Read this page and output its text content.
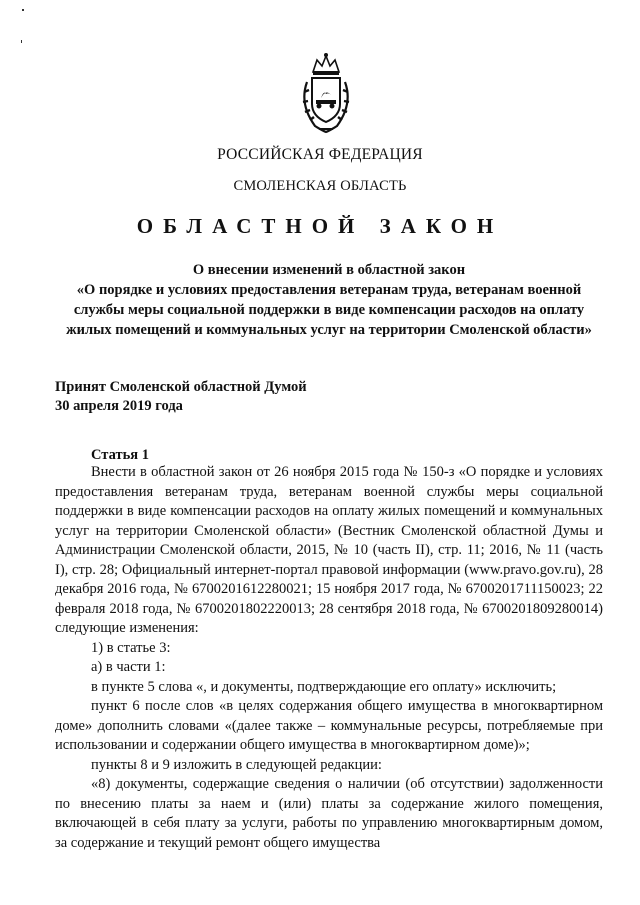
РОССИЙСКАЯ ФЕДЕРАЦИЯ
СМОЛЕНСКАЯ ОБЛАСТЬ
ОБЛАСТНОЙ ЗАКОН
О внесении изменений в областной закон
«О порядке и условиях предоставления ветеранам труда, ветеранам военной службы меры социальной поддержки в виде компенсации расходов на оплату жилых помещений и коммунальных услуг на территории Смоленской области»
Принят Смоленской областной Думой
30 апреля 2019 года
Статья 1

Внести в областной закон от 26 ноября 2015 года № 150-з «О порядке и условиях предоставления ветеранам труда, ветеранам военной службы меры социальной поддержки в виде компенсации расходов на оплату жилых помещений и коммунальных услуг на территории Смоленской области» (Вестник Смоленской областной Думы и Администрации Смоленской области, 2015, № 10 (часть II), стр. 11; 2016, № 11 (часть I), стр. 28; Официальный интернет-портал правовой информации (www.pravo.gov.ru), 28 декабря 2016 года, № 6700201612280021; 15 ноября 2017 года, № 6700201711150023; 22 февраля 2018 года, № 6700201802220013; 28 сентября 2018 года, № 6700201809280014) следующие изменения:

1) в статье 3:

а) в части 1:

в пункте 5 слова «, и документы, подтверждающие его оплату» исключить;

пункт 6 после слов «в целях содержания общего имущества в многоквартирном доме» дополнить словами «(далее также – коммунальные ресурсы, потребляемые при использовании и содержании общего имущества в многоквартирном доме)»;

пункты 8 и 9 изложить в следующей редакции:

«8) документы, содержащие сведения о наличии (об отсутствии) задолженности по внесению платы за наем и (или) платы за содержание жилого помещения, включающей в себя плату за услуги, работы по управлению многоквартирным домом, за содержание и текущий ремонт общего имущества
